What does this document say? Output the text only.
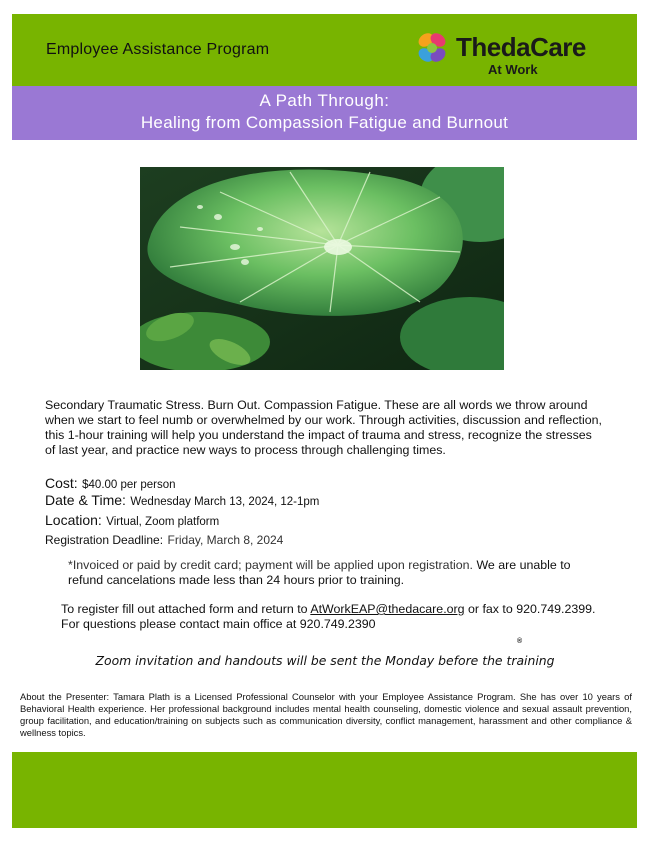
Employee Assistance Program	ThedaCare
®
At Work
A Path Through:
Healing from Compassion Fatigue and Burnout
Secondary Traumatic Stress. Burn Out. Compassion Fatigue. These are all words we throw around when we start to feel numb or overwhelmed by our work. Through activities, discussion and reflection, this 1-hour training will help you understand the impact of trauma and stress, recognize the stresses of last year, and practice new ways to process through challenging times.
Cost: $40.00 per person
Date & Time: Wednesday March 13, 2024, 12-1pm
Location: Virtual, Zoom platform
Registration Deadline: Friday, March 8, 2024
*Invoiced or paid by credit card; payment will be applied upon registration. We are unable to refund cancelations made less than 24 hours prior to training.
To register fill out attached form and return to AtWorkEAP@thedacare.org or fax to 920.749.2399. For questions please contact main office at 920.749.2390
Zoom invitation and handouts will be sent the Monday before the training
About the Presenter: Tamara Plath is a Licensed Professional Counselor with your Employee Assistance Program. She has over 10 years of Behavioral Health experience. Her professional background includes mental health counseling, domestic violence and sexual assault prevention, group facilitation, and education/training on subjects such as communication diversity, conflict management, harassment and other compliance & wellness topics.
